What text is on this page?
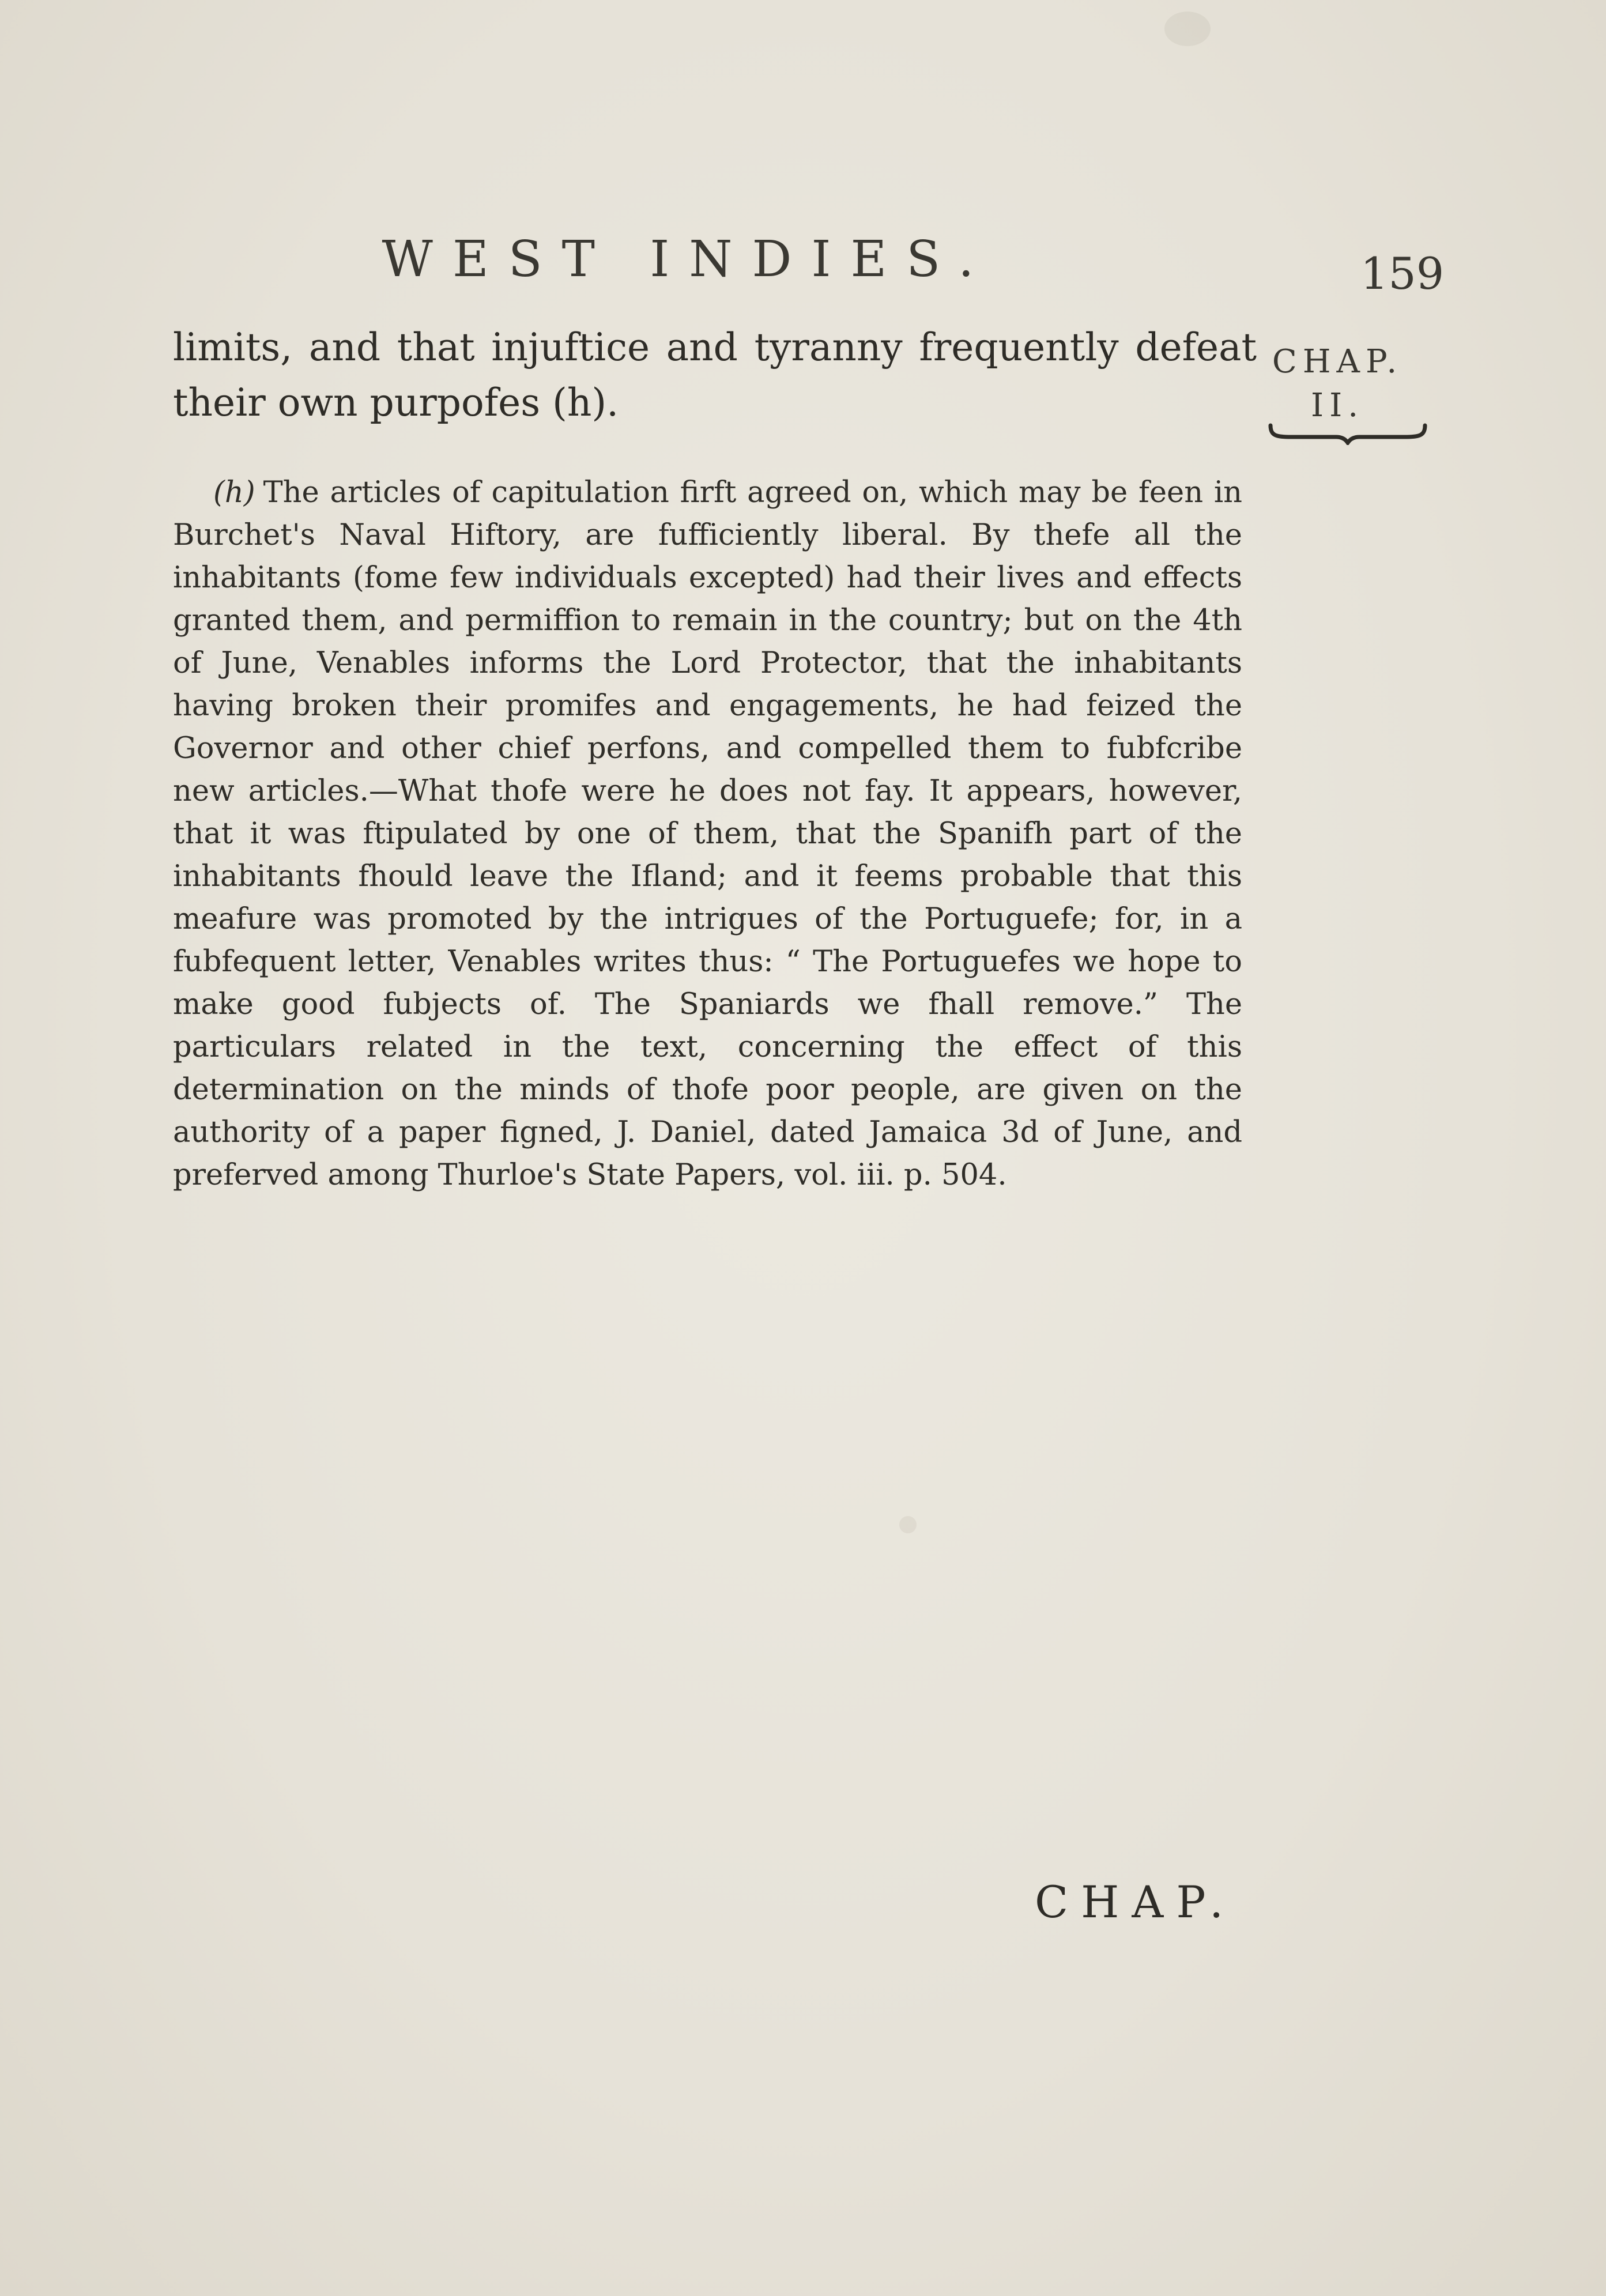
WEST INDIES.	159
limits, and that injuftice and tyranny frequently defeat their own purpofes (h).
CHAP.
II.
(h) The articles of capitulation firft agreed on, which may be feen in Burchet's Naval Hiftory, are fufficiently liberal. By thefe all the inhabitants (fome few individuals excepted) had their lives and effects granted them, and permiffion to remain in the country; but on the 4th of June, Venables informs the Lord Protector, that the inhabitants having broken their promifes and engagements, he had feized the Governor and other chief perfons, and compelled them to fubfcribe new articles.—What thofe were he does not fay. It appears, however, that it was ftipulated by one of them, that the Spanifh part of the inhabitants fhould leave the Ifland; and it feems probable that this meafure was promoted by the intrigues of the Portuguefe; for, in a fubfequent letter, Venables writes thus: “ The Portuguefes we hope to make good fubjects of. The Spaniards we fhall remove.” The particulars related in the text, concerning the effect of this determination on the minds of thofe poor people, are given on the authority of a paper figned, J. Daniel, dated Jamaica 3d of June, and preferved among Thurloe's State Papers, vol. iii. p. 504.
CHAP.
